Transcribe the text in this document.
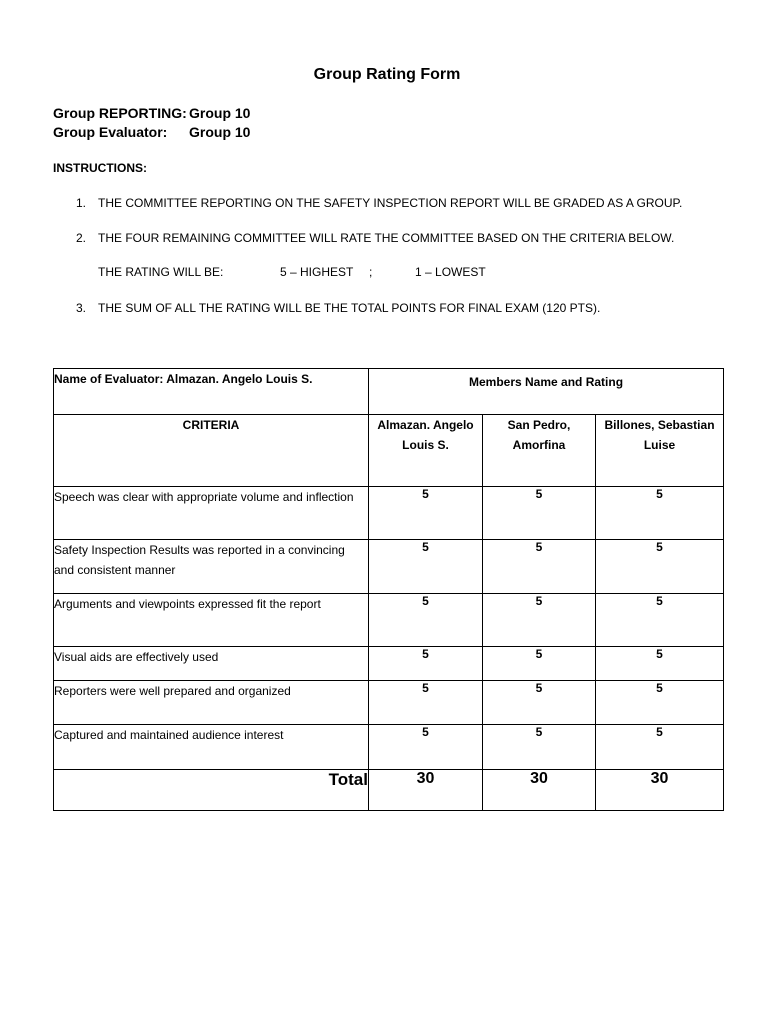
Group Rating Form
Group REPORTING: Group 10
Group Evaluator: Group 10
INSTRUCTIONS:
1. THE COMMITTEE REPORTING ON THE SAFETY INSPECTION REPORT WILL BE GRADED AS A GROUP.
2. THE FOUR REMAINING COMMITTEE WILL RATE THE COMMITTEE BASED ON THE CRITERIA BELOW.
THE RATING WILL BE:	5 – HIGHEST ;	1 – LOWEST
3. THE SUM OF ALL THE RATING WILL BE THE TOTAL POINTS FOR FINAL EXAM (120 PTS).
Name of Evaluator: Almazan. Angelo Louis S.	Members Name and Rating		
CRITERIA	Almazan. Angelo Louis S.	San Pedro, Amorfina	Billones, Sebastian Luise
Speech was clear with appropriate volume and inflection	5	5	5
Safety Inspection Results was reported in a convincing and consistent manner	5	5	5
Arguments and viewpoints expressed fit the report	5	5	5
Visual aids are effectively used	5	5	5
Reporters were well prepared and organized	5	5	5
Captured and maintained audience interest	5	5	5
Total	30	30	30
